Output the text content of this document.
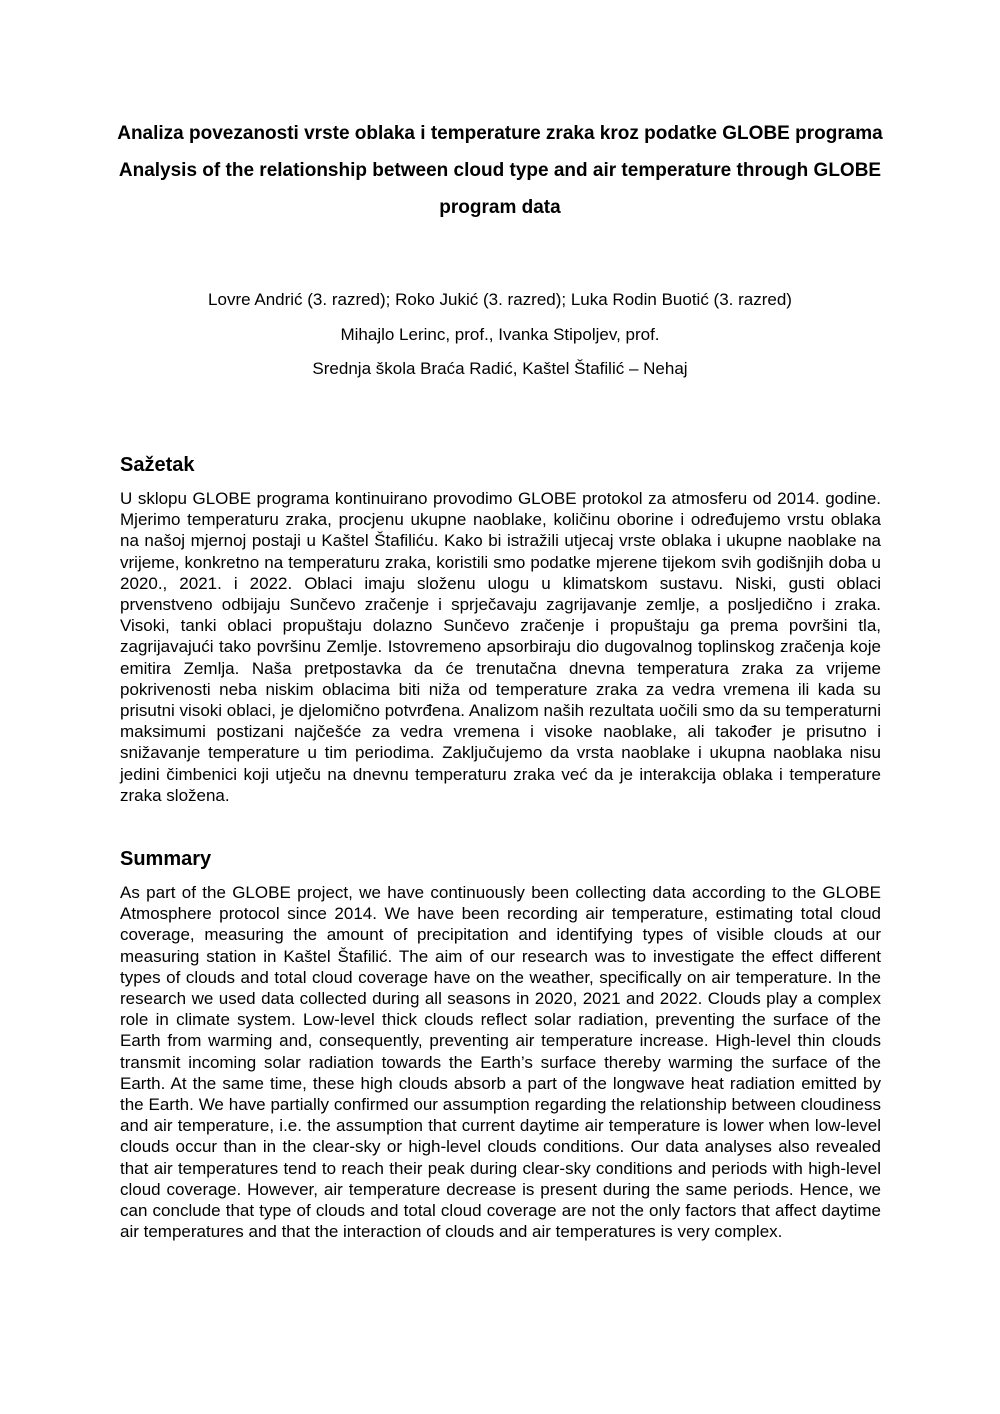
Analiza povezanosti vrste oblaka i temperature zraka kroz podatke GLOBE programa
Analysis of the relationship between cloud type and air temperature through GLOBE program data
Lovre Andrić (3. razred); Roko Jukić (3. razred); Luka Rodin Buotić (3. razred)
Mihajlo Lerinc, prof., Ivanka Stipoljev, prof.
Srednja škola Braća Radić, Kaštel Štafilić – Nehaj
Sažetak

U sklopu GLOBE programa kontinuirano provodimo GLOBE protokol za atmosferu od 2014. godine. Mjerimo temperaturu zraka, procjenu ukupne naoblake, količinu oborine i određujemo vrstu oblaka na našoj mjernoj postaji u Kaštel Štafiliću. Kako bi istražili utjecaj vrste oblaka i ukupne naoblake na vrijeme, konkretno na temperaturu zraka, koristili smo podatke mjerene tijekom svih godišnjih doba u 2020., 2021. i 2022. Oblaci imaju složenu ulogu u klimatskom sustavu. Niski, gusti oblaci prvenstveno odbijaju Sunčevo zračenje i sprječavaju zagrijavanje zemlje, a posljedično i zraka. Visoki, tanki oblaci propuštaju dolazno Sunčevo zračenje i propuštaju ga prema površini tla, zagrijavajući tako površinu Zemlje. Istovremeno apsorbiraju dio dugovalnog toplinskog zračenja koje emitira Zemlja. Naša pretpostavka da će trenutačna dnevna temperatura zraka za vrijeme pokrivenosti neba niskim oblacima biti niža od temperature zraka za vedra vremena ili kada su prisutni visoki oblaci, je djelomično potvrđena. Analizom naših rezultata uočili smo da su temperaturni maksimumi postizani najčešće za vedra vremena i visoke naoblake, ali također je prisutno i snižavanje temperature u tim periodima. Zaključujemo da vrsta naoblake i ukupna naoblaka nisu jedini čimbenici koji utječu na dnevnu temperaturu zraka već da je interakcija oblaka i temperature zraka složena.

Summary

As part of the GLOBE project, we have continuously been collecting data according to the GLOBE Atmosphere protocol since 2014. We have been recording air temperature, estimating total cloud coverage, measuring the amount of precipitation and identifying types of visible clouds at our measuring station in Kaštel Štafilić. The aim of our research was to investigate the effect different types of clouds and total cloud coverage have on the weather, specifically on air temperature. In the research we used data collected during all seasons in 2020, 2021 and 2022. Clouds play a complex role in climate system. Low-level thick clouds reflect solar radiation, preventing the surface of the Earth from warming and, consequently, preventing air temperature increase. High-level thin clouds transmit incoming solar radiation towards the Earth’s surface thereby warming the surface of the Earth. At the same time, these high clouds absorb a part of the longwave heat radiation emitted by the Earth. We have partially confirmed our assumption regarding the relationship between cloudiness and air temperature, i.e. the assumption that current daytime air temperature is lower when low-level clouds occur than in the clear-sky or high-level clouds conditions. Our data analyses also revealed that air temperatures tend to reach their peak during clear-sky conditions and periods with high-level cloud coverage. However, air temperature decrease is present during the same periods. Hence, we can conclude that type of clouds and total cloud coverage are not the only factors that affect daytime air temperatures and that the interaction of clouds and air temperatures is very complex.
